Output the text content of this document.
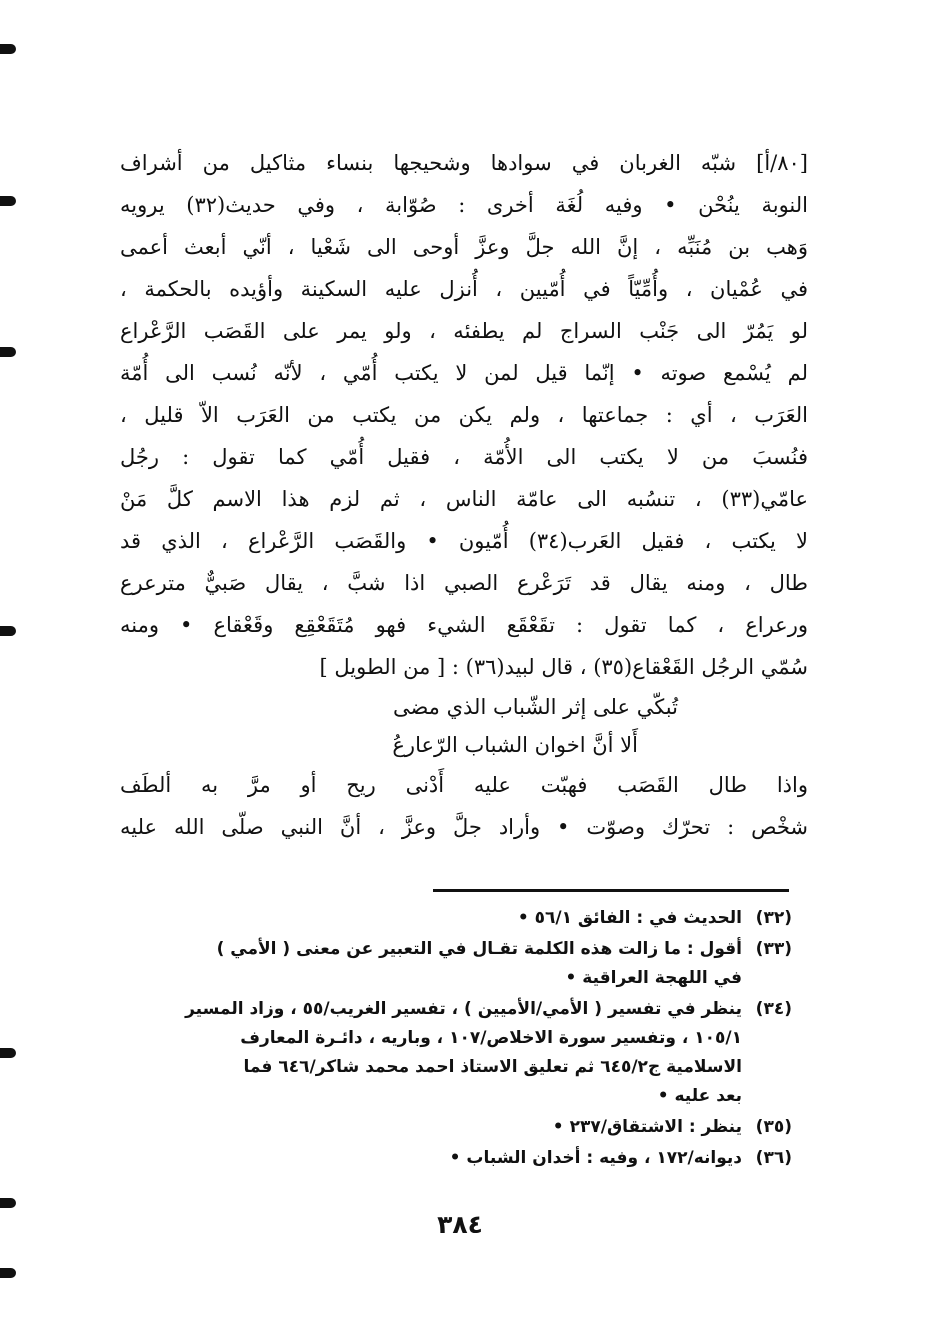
[٨٠/أ] شبّه الغربان في سوادها وشحيجها بنساء مثاكيل من أشراف
النوبة ينُحْن • وفيه لُغَة أخرى : صُوّابة ، وفي حديث(٣٢) يرويه
وَهب بن مُنَبِّه ، إنَّ الله جلَّ وعزَّ أوحى الى شَعْيا ، أنّي أبعث أعمى
في عُمْيان ، وأُمِّيّاً في أُمّيين ، أُنزل عليه السكينة وأؤيده بالحكمة ،
لو يَمُرّ الى جَنْب السراج لم يطفئه ، ولو يمر على القَصَب الرَّعْراع
لم يُسْمع صوته • إنّما قيل لمن لا يكتب أُمّي ، لأنّه نُسب الى أُمّة
العَرَب ، أي : جماعتها ، ولم يكن من يكتب من العَرَب الاّ قليل ،
فنُسبَ من لا يكتب الى الأُمّة ، فقيل أُمّي كما تقول : رجُل
عامّي(٣٣) ، تنسُبه الى عامّة الناس ، ثم لزم هذا الاسم كلَّ مَنْ
لا يكتب ، فقيل العَرب(٣٤) أُمّيون • والقَصَب الرَّعْراع ، الذي قد
طال ، ومنه يقال قد تَرَعْرع الصبي اذا شبَّ ، يقال صَبيٌّ مترعرع
ورعراع ، كما تقول : تقَعْقَع الشيء فهو مُتَقَعْقِع وقَعْقاع • ومنه
سُمّي الرجُل القَعْقاع(٣٥) ، قال لبيد(٣٦) : [ من الطويل ]
تُبكّي على إثر الشّباب الذي مضى
أَلا أنَّ اخوان الشباب الرّعارعُ
واذا طال القَصَب فهبّت عليه أَدْنى ريح أو مرَّ به ألطَف
شخْص : تحرّك وصوّت • وأراد جلَّ وعزَّ ، أنَّ النبي صلّى الله عليه
(٣٢)
الحديث في : الفائق ٥٦/١ •
(٣٣)
أقول : ما زالت هذه الكلمة تقـال في التعبير عن معنى ( الأمي )
في اللهجة العراقية •
(٣٤)
ينظر في تفسير ( الأمي/الأميين ) ، تفسير الغريب/٥٥ ، وزاد المسير
١٠٥/١ ، وتفسير سورة الاخلاص/١٠٧ ، وباريه ، دائـرة المعارف
الاسلامية ج٦٤٥/٢ ثم تعليق الاستاذ احمد محمد شاكر/٦٤٦ فما
بعد عليه •
(٣٥)
ينظر : الاشتقاق/٢٣٧ •
(٣٦)
ديوانه/١٧٢ ، وفيه : أخدان الشباب •
٣٨٤
